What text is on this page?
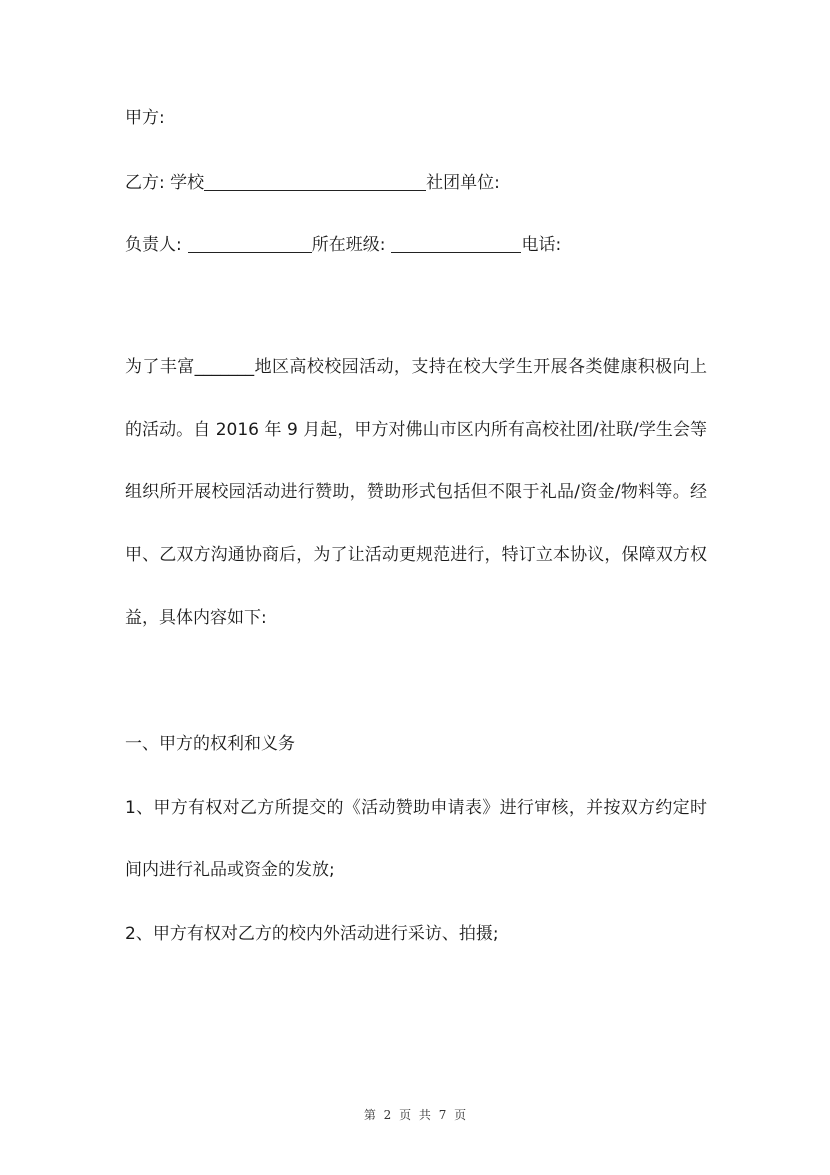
甲方:
乙方: 学校	社团单位:
负责人:	所在班级:	电话:
为了丰富_______地区高校校园活动，支持在校大学生开展各类健康积极向上
的活动。自 2016 年 9 月起，甲方对佛山市区内所有高校社团/社联/学生会等
组织所开展校园活动进行赞助，赞助形式包括但不限于礼品/资金/物料等。经
甲、乙双方沟通协商后，为了让活动更规范进行，特订立本协议，保障双方权
益，具体内容如下:
一、甲方的权利和义务
1、甲方有权对乙方所提交的《活动赞助申请表》进行审核，并按双方约定时
间内进行礼品或资金的发放;
2、甲方有权对乙方的校内外活动进行采访、拍摄;
第 2 页 共 7 页
